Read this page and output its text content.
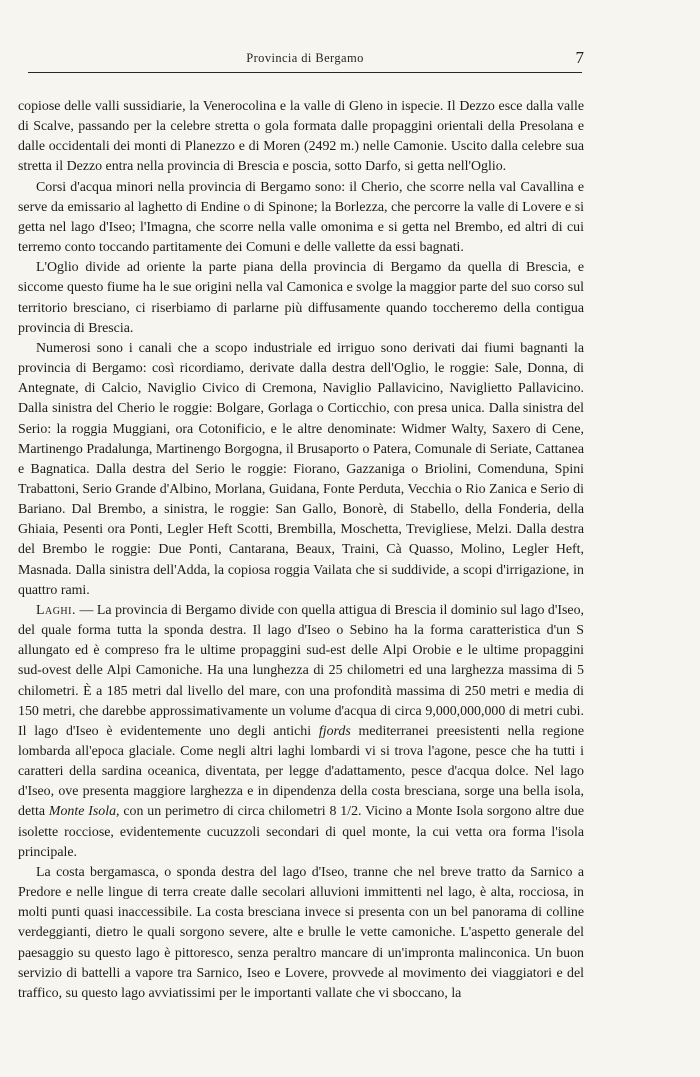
Provincia di Bergamo	7

copiose delle valli sussidiarie, la Venerocolina e la valle di Gleno in ispecie. Il Dezzo esce dalla valle di Scalve, passando per la celebre stretta o gola formata dalle propaggini orientali della Presolana e dalle occidentali dei monti di Planezzo e di Moren (2492 m.) nelle Camonie. Uscito dalla celebre sua stretta il Dezzo entra nella provincia di Brescia e poscia, sotto Darfo, si getta nell'Oglio.

Corsi d'acqua minori nella provincia di Bergamo sono: il Cherio, che scorre nella val Cavallina e serve da emissario al laghetto di Endine o di Spinone; la Borlezza, che percorre la valle di Lovere e si getta nel lago d'Iseo; l'Imagna, che scorre nella valle omonima e si getta nel Brembo, ed altri di cui terremo conto toccando partitamente dei Comuni e delle vallette da essi bagnati.

L'Oglio divide ad oriente la parte piana della provincia di Bergamo da quella di Brescia, e siccome questo fiume ha le sue origini nella val Camonica e svolge la maggior parte del suo corso sul territorio bresciano, ci riserbiamo di parlarne più diffusamente quando toccheremo della contigua provincia di Brescia.

Numerosi sono i canali che a scopo industriale ed irriguo sono derivati dai fiumi bagnanti la provincia di Bergamo: così ricordiamo, derivate dalla destra dell'Oglio, le roggie: Sale, Donna, di Antegnate, di Calcio, Naviglio Civico di Cremona, Naviglio Pallavicino, Naviglietto Pallavicino. Dalla sinistra del Cherio le roggie: Bolgare, Gorlaga o Corticchio, con presa unica. Dalla sinistra del Serio: la roggia Muggiani, ora Cotonificio, e le altre denominate: Widmer Walty, Saxero di Cene, Martinengo Pradalunga, Martinengo Borgogna, il Brusaporto o Patera, Comunale di Seriate, Cattanea e Bagnatica. Dalla destra del Serio le roggie: Fiorano, Gazzaniga o Briolini, Comendunа, Spini Trabattoni, Serio Grande d'Albino, Morlana, Guidana, Fonte Perduta, Vecchia o Rio Zanica e Serio di Bariano. Dal Brembo, a sinistra, le roggie: San Gallo, Bonorè, di Stabello, della Fonderia, della Ghiaia, Pesenti ora Ponti, Legler Heft Scotti, Brembilla, Moschetta, Trevigliese, Melzi. Dalla destra del Brembo le roggie: Due Ponti, Cantarana, Beaux, Traini, Cà Quasso, Molino, Legler Heft, Masnada. Dalla sinistra dell'Adda, la copiosa roggia Vailata che si suddivide, a scopi d'irrigazione, in quattro rami.

Laghi. — La provincia di Bergamo divide con quella attigua di Brescia il dominio sul lago d'Iseo, del quale forma tutta la sponda destra. Il lago d'Iseo o Sebino ha la forma caratteristica d'un S allungato ed è compreso fra le ultime propaggini sud-est delle Alpi Orobie e le ultime propaggini sud-ovest delle Alpi Camoniche. Ha una lunghezza di 25 chilometri ed una larghezza massima di 5 chilometri. È a 185 metri dal livello del mare, con una profondità massima di 250 metri e media di 150 metri, che darebbe approssimativamente un volume d'acqua di circa 9,000,000,000 di metri cubi. Il lago d'Iseo è evidentemente uno degli antichi fjords mediterranei preesistenti nella regione lombarda all'epoca glaciale. Come negli altri laghi lombardi vi si trova l'agone, pesce che ha tutti i caratteri della sardina oceanica, diventata, per legge d'adattamento, pesce d'acqua dolce. Nel lago d'Iseo, ove presenta maggiore larghezza e in dipendenza della costa bresciana, sorge una bella isola, detta Monte Isola, con un perimetro di circa chilometri 8 1/2. Vicino a Monte Isola sorgono altre due isolette rocciose, evidentemente cucuzzoli secondari di quel monte, la cui vetta ora forma l'isola principale.

La costa bergamasca, o sponda destra del lago d'Iseo, tranne che nel breve tratto da Sarnico a Predore e nelle lingue di terra create dalle secolari alluvioni immittenti nel lago, è alta, rocciosa, in molti punti quasi inaccessibile. La costa bresciana invece si presenta con un bel panorama di colline verdeggianti, dietro le quali sorgono severe, alte e brulle le vette camoniche. L'aspetto generale del paesaggio su questo lago è pittoresco, senza peraltro mancare di un'impronta malinconica. Un buon servizio di battelli a vapore tra Sarnico, Iseo e Lovere, provvede al movimento dei viaggiatori e del traffico, su questo lago avviatissimi per le importanti vallate che vi sboccano, la
